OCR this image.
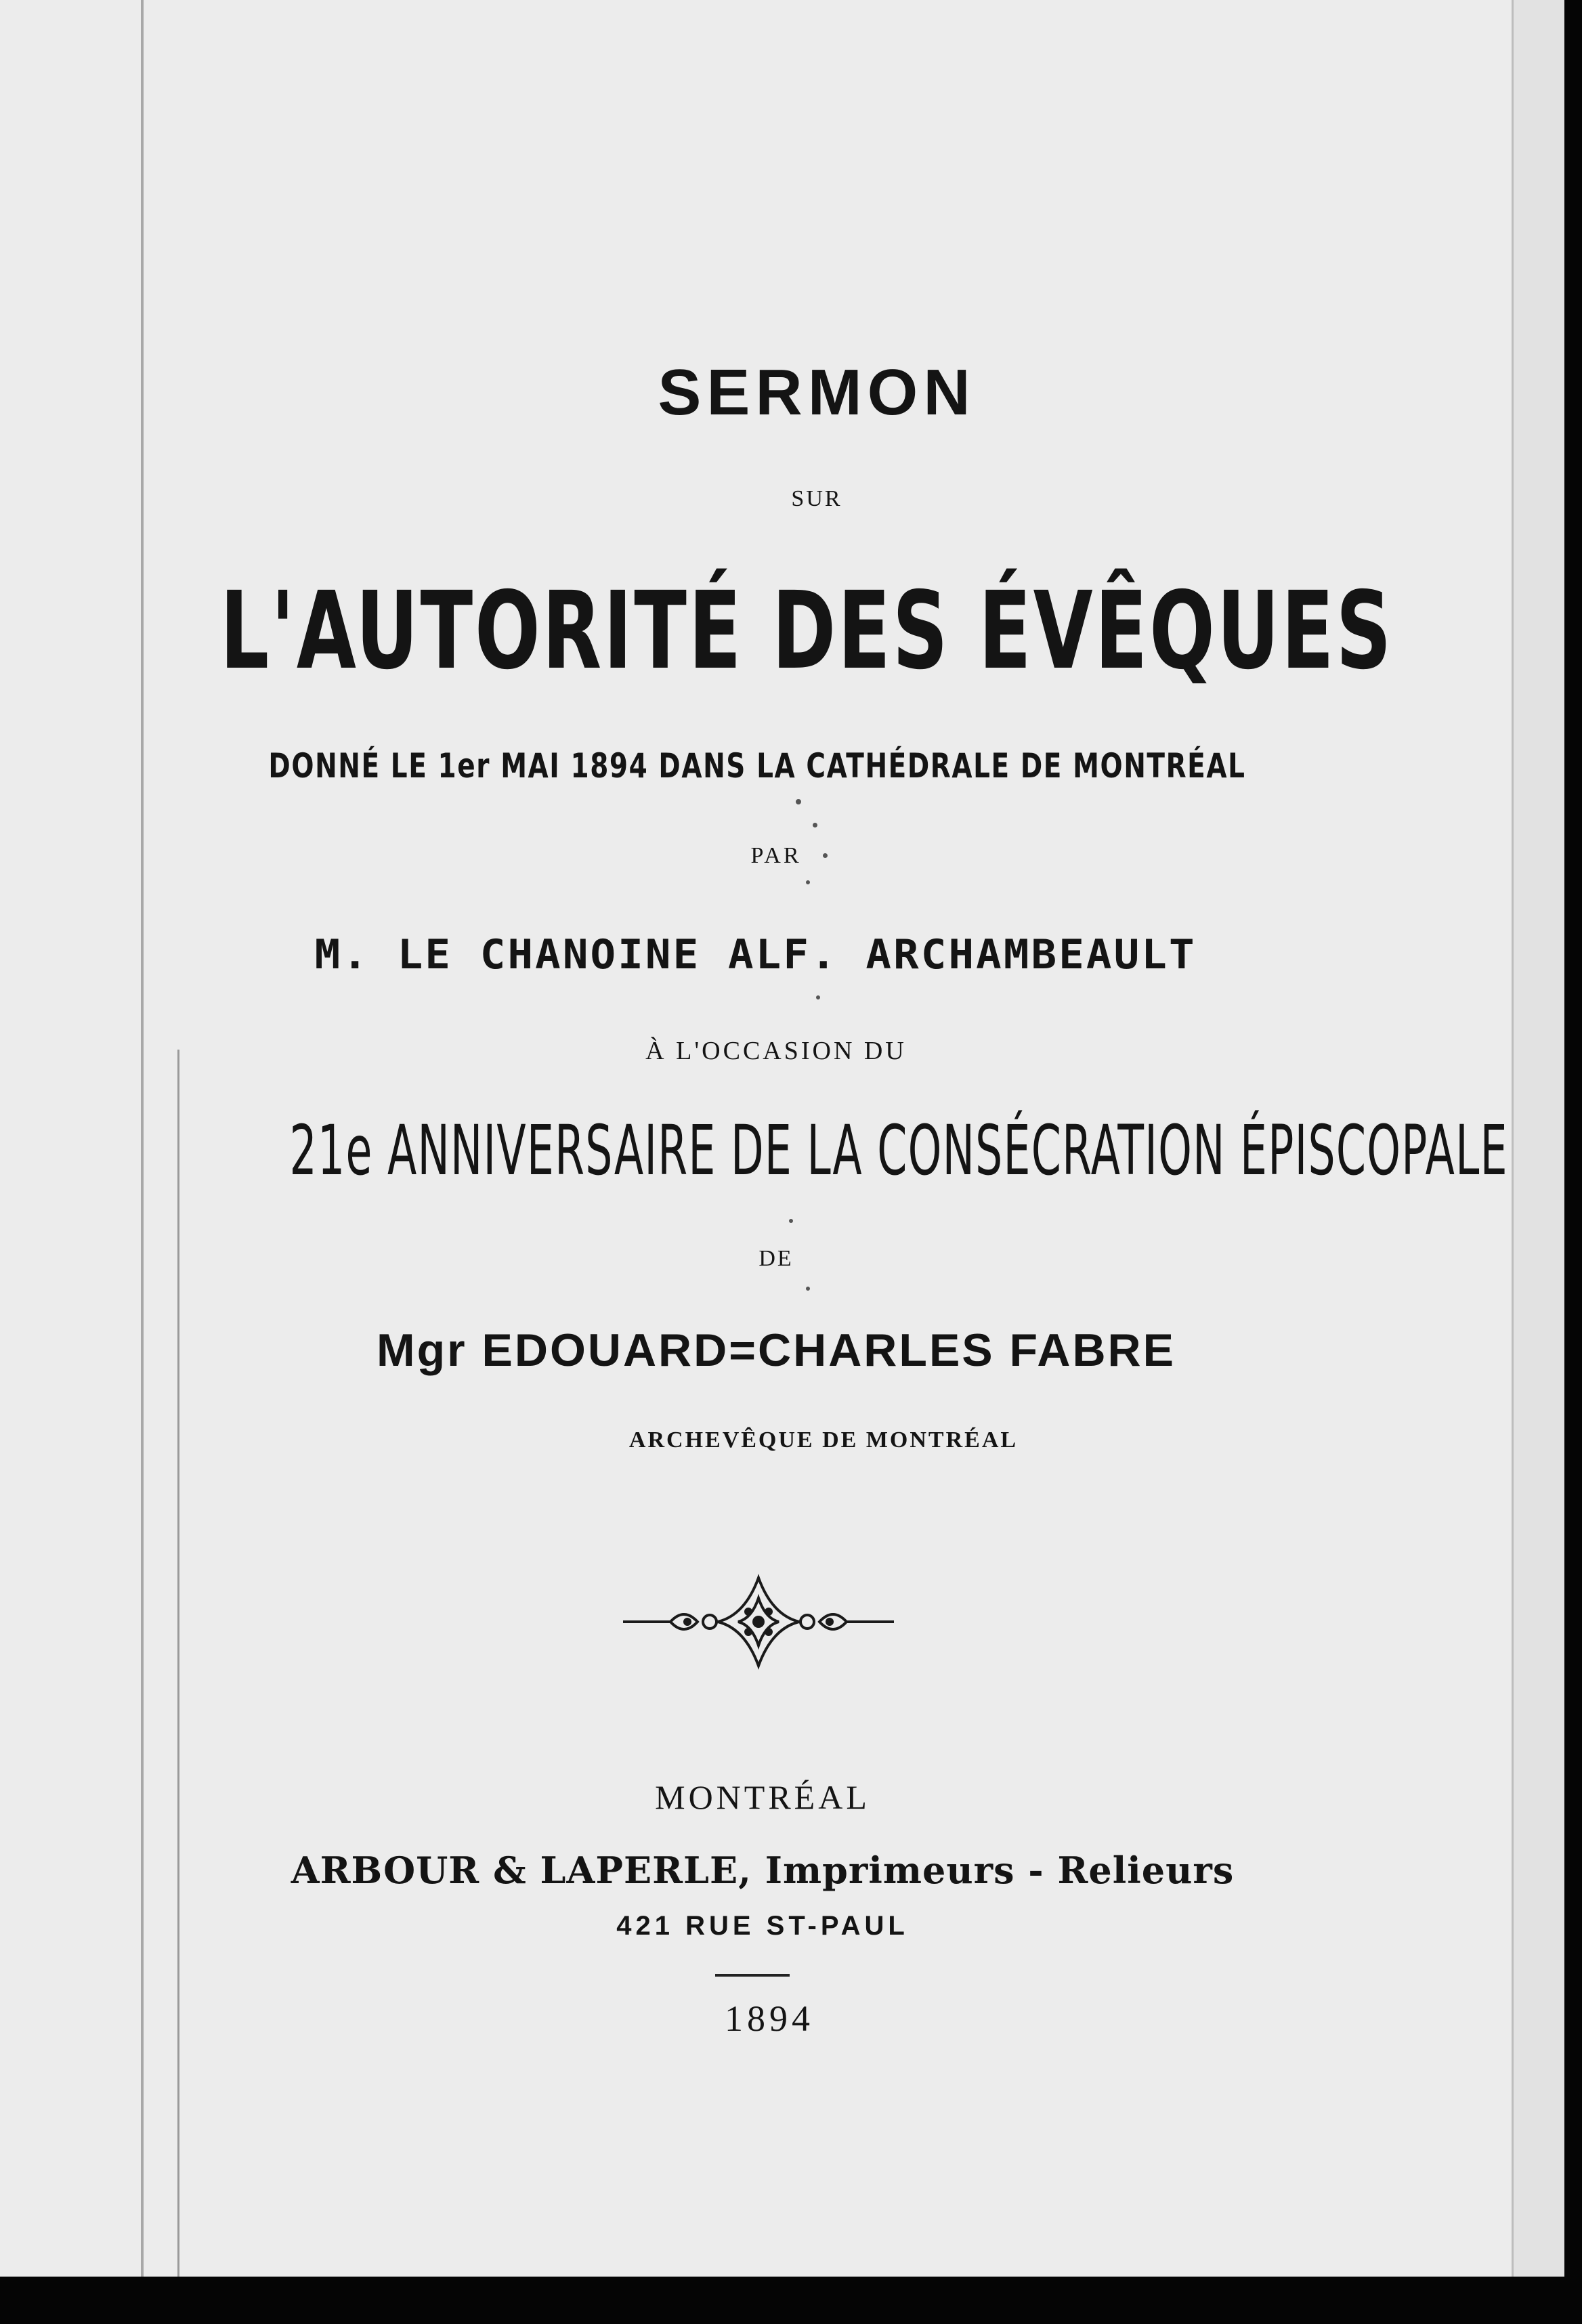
SERMON
SUR
L'AUTORITÉ DES ÉVÊQUES
DONNÉ LE 1er MAI 1894 DANS LA CATHÉDRALE DE MONTRÉAL
PAR
M. LE CHANOINE ALF. ARCHAMBEAULT
À L'OCCASION DU
21e ANNIVERSAIRE DE LA CONSÉCRATION ÉPISCOPALE
DE
Mgr EDOUARD=CHARLES FABRE
ARCHEVÊQUE DE MONTRÉAL
MONTRÉAL
ARBOUR & LAPERLE, Imprimeurs - Relieurs
421 RUE ST-PAUL
1894
